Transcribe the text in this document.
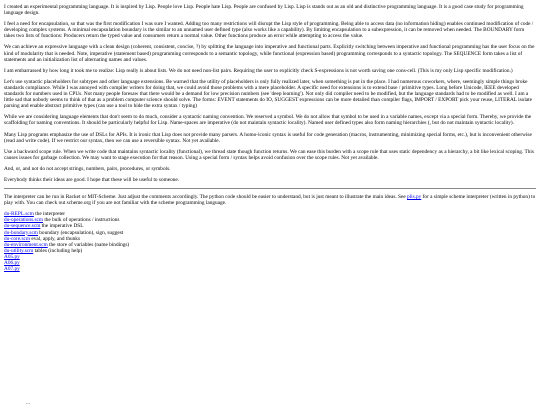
I created an experimental programming language. It is inspired by Lisp. People love Lisp. People hate Lisp. People are confused by Lisp. Lisp is stands out as an old and distinctive programming language. It is a good case study for programming language design.

I feel a need for encapsulation, so that was the first modification I was sure I wanted. Adding too many restrictions will disrupt the Lisp style of programming. Being able to access data (no information hiding) enables continued modification of code / developing complex systems. A minimal encapsulation boundary is the similar to an unnamed user defined type (also works like a capability). By limiting encapsulation to a subexpression, it can be removed when needed. The BOUNDARY form takes two lists of functions: Producers return the typed value and consumers return a normal value. Other functions produce an error while attempting to access the value.

We can achieve an expressive language with a clean design (coherent, consistent, concise, ?) by splitting the language into imperative and functional parts. Explicitly switching between imperative and functional programming has the user focus on the kind of modularity that is needed. Note, imperative (statement based) programming corresponds to a semantic topology, while functional (expression based) programming corresponds to a syntactic topology. The SEQUENCE form takes a list of statements and an initialization list of alternating names and values.

I am embarrassed by how long it took me to realize: Lisp really is about lists. We do not need non-list pairs. Requiring the user to explicitly check S-expressions is not worth saving one cons-cell. (This is my only Lisp specific modification.)

Let's use syntactic placeholders for subtypes and other language extensions. Be warned that the utility of placeholders is only fully realized later, when something is put in the place. I had numerous coworkers, where, seemingly simple things broke standards compliance. While I was annoyed with compiler writers for doing that, we could avoid those problems with a mere placeholder. A specific need for extensions is to extend base / primitive types. Long before Unicode, IEEE developed standards for numbers used in CPUs. Not many people foresaw that there would be a demand for low precision numbers (see 'deep learning'). Not only did compiler need to be modified, but the language standards had to be modified as well. I am a little sad that nobody seems to think of that as a problem computer science should solve. The forms: EVENT statements do IO, SUGGEST expressions can be more detailed than compiler flags, IMPORT / EXPORT pick your reuse, LITERAL isolate parsing and enable abstract primitive types (can use a tool to hide the extra syntax / typing)

While we are considering language elements that don't seem to do much, consider a syntactic naming convention. We reserved a symbol. We do not allow that symbol to be used in a variable names, except via a special form. Thereby, we provide the scaffolding for naming conventions. It should be particularly helpful for Lisp. Name-spaces are imperative (do not maintain syntactic locality). Named user defined types also form naming hierarchies (, but do not maintain syntactic locality).

Many Lisp programs emphasize the use of DSLs for APIs. It is ironic that Lisp does not provide many parsers. A homo-iconic syntax is useful for code generation (macros, instrumenting, minimizing special forms, etc.), but is inconvenient otherwise (read and write code). If we restrict our syntax, then we can use a reversible syntax. Not yet available.

Use a backward scope rule. When we write code that maintains syntactic locality (functional), we thread state though function returns. We can ease this burden with a scope rule that uses static dependency as a hierarchy, a bit like lexical scoping. This causes issues for garbage collection. We may want to stage execution for that reason. Using a special form / syntax helps avoid confusion over the scope rules. Not yet available.

And, or, and not do not accept strings, numbers, pairs, procedures, or symbols.

Everybody thinks their ideas are good. I hope that these will be useful to someone.

The interpreter can be run in Racket or MIT-Scheme. Just adjust the comments accordingly. The python code should be easier to understand, but is just meant to illustrate the main ideas. See plis.py for a simple scheme interpreter (written in python) to play with. You can check out scheme.org if you are not familiar with the scheme programming language.

du-REPL.scm the interpreter
du-operations.scm the bulk of operations / instructions
du-sequence.scm the imperative DSL
du-bondary.scm boundary (encapsulation), sign, suggest
du-core.scm eval, apply, and thunks
du-environment.scm the store of variables (name bindings)
du-utility.scm tables (including help)
A05.py
A06.py
A07.py
...
